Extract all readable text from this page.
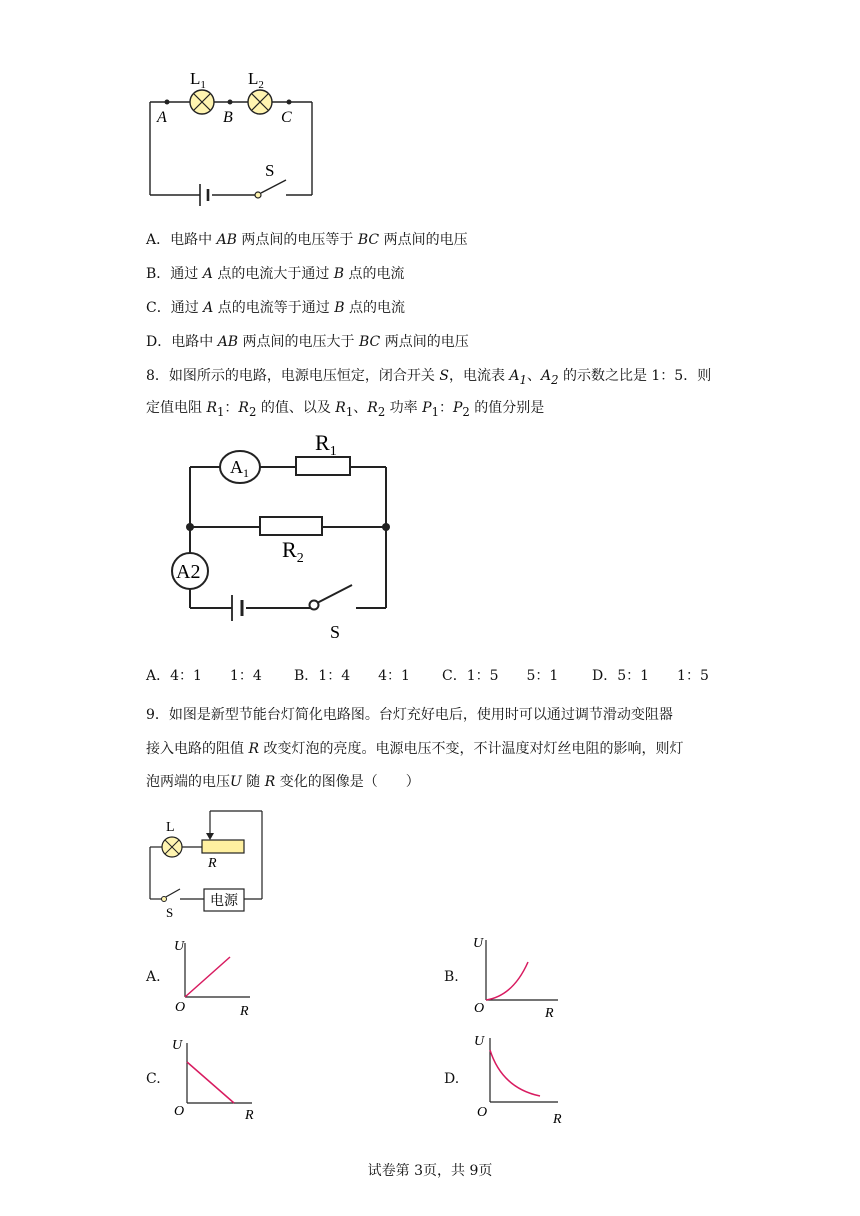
$L_1$ $L_2$
A	B	C
S
A．电路中 AB 两点间的电压等于 BC 两点间的电压
B．通过 A 点的电流大于通过 B 点的电流
C．通过 A 点的电流等于通过 B 点的电流
D．电路中 AB 两点间的电压大于 BC 两点间的电压
8．如图所示的电路，电源电压恒定，闭合开关 S，电流表 $A_1$、$A_2$ 的示数之比是 1：5．则
定值电阻 $R_1$：$R_2$ 的值、以及 $R_1$、$R_2$ 功率 $P_1$：$P_2$ 的值分别是
$A_1$
$R_1$
$R_2$
A2
S
A．4：1　　1：4 B．1：4　　4：1 C．1：5　　5：1 D．5：1　　1：5
9．如图是新型节能台灯简化电路图。台灯充好电后，使用时可以通过调节滑动变阻器
接入电路的阻值 R 改变灯泡的亮度。电源电压不变，不计温度对灯丝电阻的影响，则灯
泡两端的电压U 随 R 变化的图像是（　　）
电源
L
R
S
A.	B.
C.	D.
U
O	R
U
O	R
U
O	R
U
O	R
试卷第 3页，共 9页
